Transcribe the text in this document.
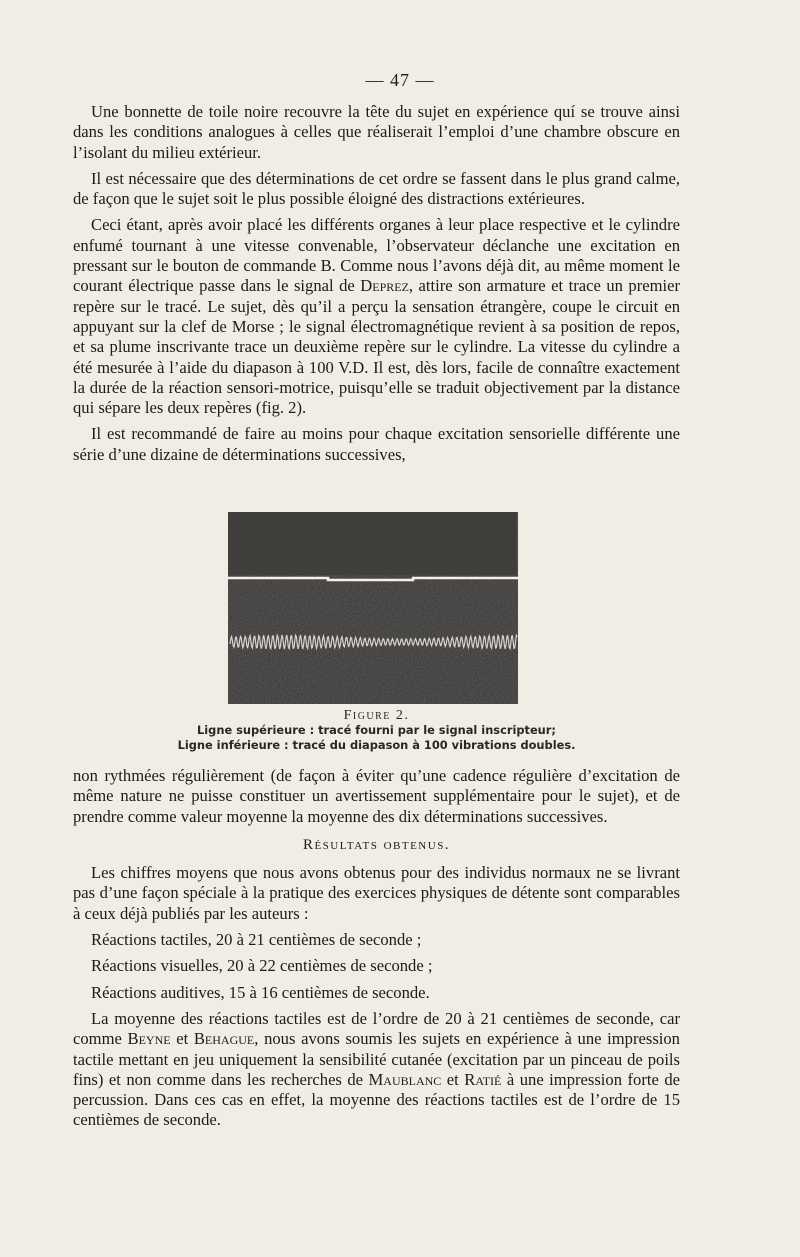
— 47 —

Une bonnette de toile noire recouvre la tête du sujet en expérience quí se trouve ainsi dans les conditions analogues à celles que réaliserait l’emploi d’une chambre obscure en l’isolant du milieu extérieur.

Il est nécessaire que des déterminations de cet ordre se fassent dans le plus grand calme, de façon que le sujet soit le plus possible éloigné des distractions extérieures.

Ceci étant, après avoir placé les différents organes à leur place respective et le cylindre enfumé tournant à une vitesse convenable, l’observateur déclanche une excitation en pressant sur le bouton de commande B. Comme nous l’avons déjà dit, au même moment le courant électrique passe dans le signal de Deprez, attire son armature et trace un premier repère sur le tracé. Le sujet, dès qu’il a perçu la sensation étrangère, coupe le circuit en appuyant sur la clef de Morse ; le signal électromagnétique revient à sa position de repos, et sa plume inscrivante trace un deuxième repère sur le cylindre. La vitesse du cylindre a été mesurée à l’aide du diapason à 100 V.D. Il est, dès lors, facile de connaître exactement la durée de la réaction sensori-motrice, puisqu’elle se traduit objectivement par la distance qui sépare les deux repères (fig. 2).

Il est recommandé de faire au moins pour chaque excitation sensorielle différente une série d’une dizaine de déterminations successives,

Figure 2.
Ligne supérieure : tracé fourni par le signal inscripteur;
Ligne inférieure : tracé du diapason à 100 vibrations doubles.

non rythmées régulièrement (de façon à éviter qu’une cadence régulière d’excitation de même nature ne puisse constituer un avertissement supplémentaire pour le sujet), et de prendre comme valeur moyenne la moyenne des dix déterminations successives.

Résultats obtenus.

Les chiffres moyens que nous avons obtenus pour des individus normaux ne se livrant pas d’une façon spéciale à la pratique des exercices physiques de détente sont comparables à ceux déjà publiés par les auteurs :

Réactions tactiles, 20 à 21 centièmes de seconde ;
Réactions visuelles, 20 à 22 centièmes de seconde ;
Réactions auditives, 15 à 16 centièmes de seconde.

La moyenne des réactions tactiles est de l’ordre de 20 à 21 centièmes de seconde, car comme Beyne et Behague, nous avons soumis les sujets en expérience à une impression tactile mettant en jeu uniquement la sensibilité cutanée (excitation par un pinceau de poils fins) et non comme dans les recherches de Maublanc et Ratié à une impression forte de percussion. Dans ces cas en effet, la moyenne des réactions tactiles est de l’ordre de 15 centièmes de seconde.
